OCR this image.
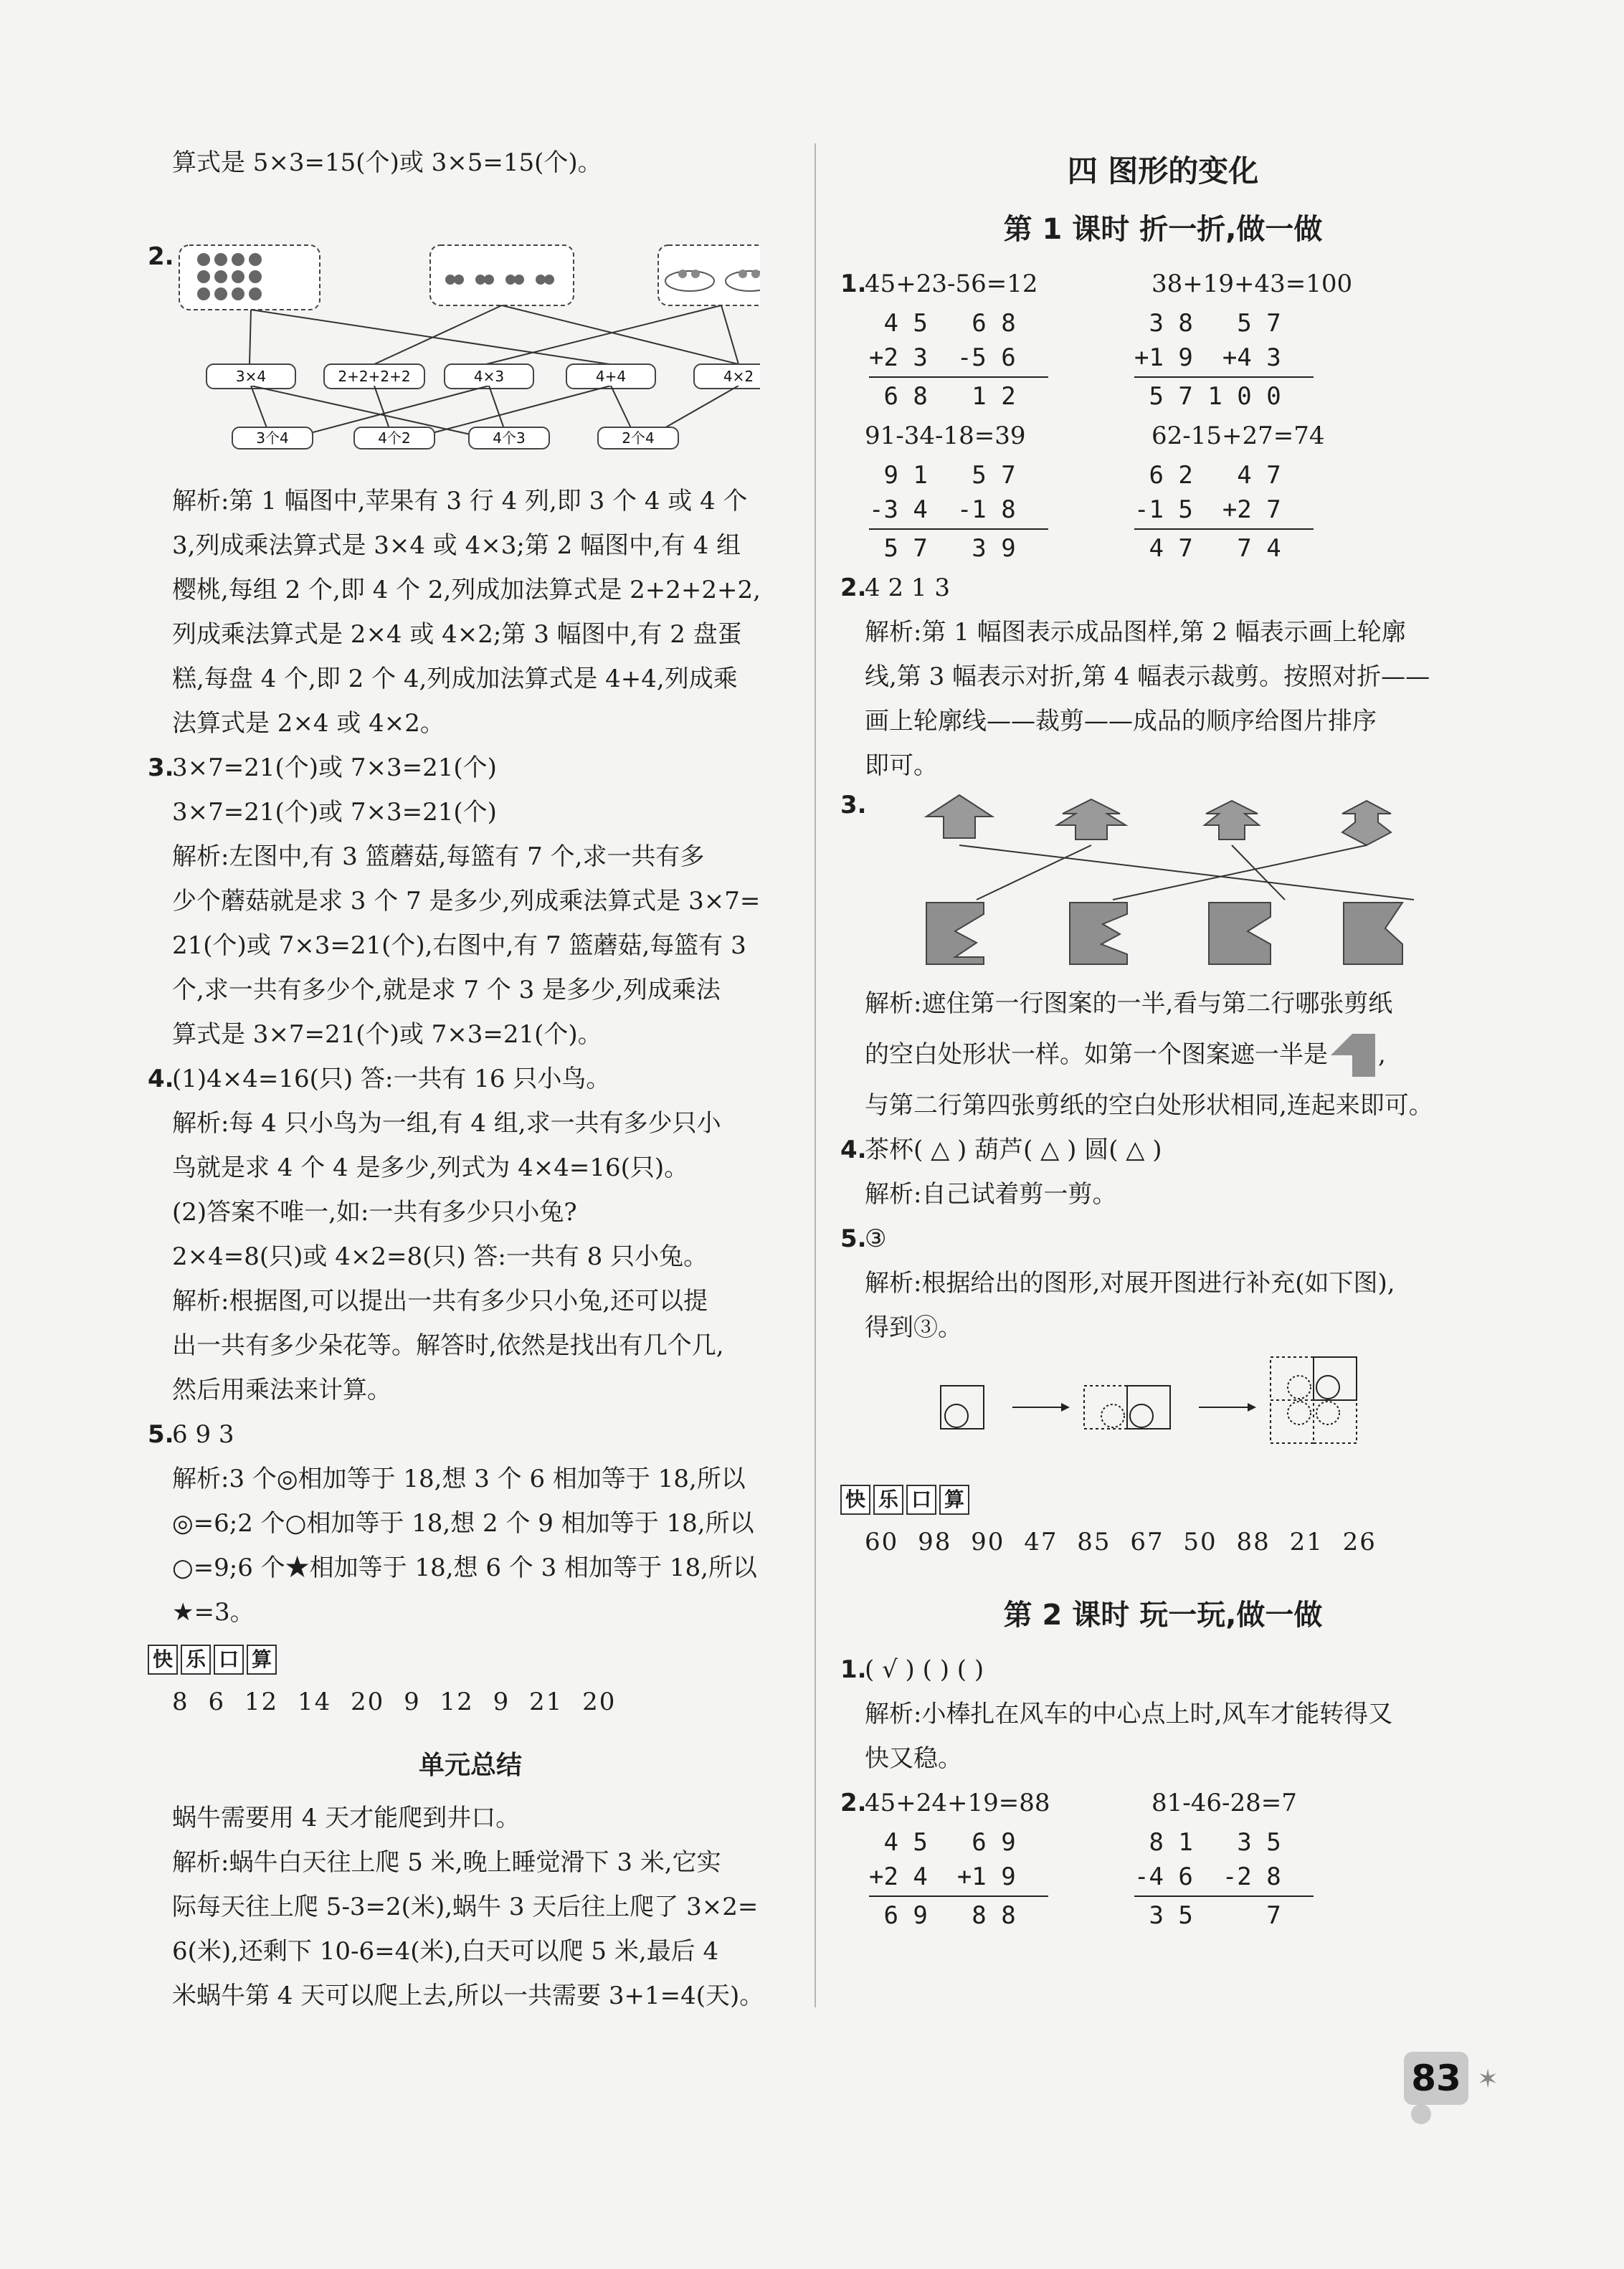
算式是 5×3=15(个)或 3×5=15(个)。
2.
3×4	2+2+2+2	4×3	4+4	4×2
3个4	4个2	4个3	2个4
解析:第 1 幅图中,苹果有 3 行 4 列,即 3 个 4 或 4 个
3,列成乘法算式是 3×4 或 4×3;第 2 幅图中,有 4 组
樱桃,每组 2 个,即 4 个 2,列成加法算式是 2+2+2+2,
列成乘法算式是 2×4 或 4×2;第 3 幅图中,有 2 盘蛋
糕,每盘 4 个,即 2 个 4,列成加法算式是 4+4,列成乘
法算式是 2×4 或 4×2。
3.3×7=21(个)或 7×3=21(个)
3×7=21(个)或 7×3=21(个)
解析:左图中,有 3 篮蘑菇,每篮有 7 个,求一共有多
少个蘑菇就是求 3 个 7 是多少,列成乘法算式是 3×7=
21(个)或 7×3=21(个),右图中,有 7 篮蘑菇,每篮有 3
个,求一共有多少个,就是求 7 个 3 是多少,列成乘法
算式是 3×7=21(个)或 7×3=21(个)。
4.(1)4×4=16(只) 答:一共有 16 只小鸟。
解析:每 4 只小鸟为一组,有 4 组,求一共有多少只小
鸟就是求 4 个 4 是多少,列式为 4×4=16(只)。
(2)答案不唯一,如:一共有多少只小兔?
2×4=8(只)或 4×2=8(只) 答:一共有 8 只小兔。
解析:根据图,可以提出一共有多少只小兔,还可以提
出一共有多少朵花等。解答时,依然是找出有几个几,
然后用乘法来计算。
5.6 9 3
解析:3 个◎相加等于 18,想 3 个 6 相加等于 18,所以
◎=6;2 个○相加等于 18,想 2 个 9 相加等于 18,所以
○=9;6 个★相加等于 18,想 6 个 3 相加等于 18,所以
★=3。
快 乐 口 算
8 6 12 14 20 9 12 9 21 20
单元总结
蜗牛需要用 4 天才能爬到井口。
解析:蜗牛白天往上爬 5 米,晚上睡觉滑下 3 米,它实
际每天往上爬 5-3=2(米),蜗牛 3 天后往上爬了 3×2=
6(米),还剩下 10-6=4(米),白天可以爬 5 米,最后 4
米蜗牛第 4 天可以爬上去,所以一共需要 3+1=4(天)。
四 图形的变化
第 1 课时 折一折,做一做
1.
45+23-56=12	38+19+43=100
4 5   6 8
+2 3  -5 6
6 8   1 2
3 8   5 7
+1 9  +4 3
5 7 1 0 0
91-34-18=39	62-15+27=74
9 1   5 7
-3 4  -1 8
5 7   3 9
6 2   4 7
-1 5  +2 7
4 7   7 4
2.4 2 1 3
解析:第 1 幅图表示成品图样,第 2 幅表示画上轮廓
线,第 3 幅表示对折,第 4 幅表示裁剪。按照对折——
画上轮廓线——裁剪——成品的顺序给图片排序
即可。
3.
解析:遮住第一行图案的一半,看与第二行哪张剪纸
的空白处形状一样。如第一个图案遮一半是 ,
与第二行第四张剪纸的空白处形状相同,连起来即可。
4.茶杯( △ ) 葫芦( △ ) 圆( △ )
解析:自己试着剪一剪。
5.③
解析:根据给出的图形,对展开图进行补充(如下图),
得到③。
快 乐 口 算
60 98 90 47 85 67 50 88 21 26
第 2 课时 玩一玩,做一做
1.( √ ) ( ) ( )
解析:小棒扎在风车的中心点上时,风车才能转得又
快又稳。
2.
45+24+19=88	81-46-28=7
4 5   6 9
+2 4  +1 9
6 9   8 8
8 1   3 5
-4 6  -2 8
3 5     7
83 ✶
